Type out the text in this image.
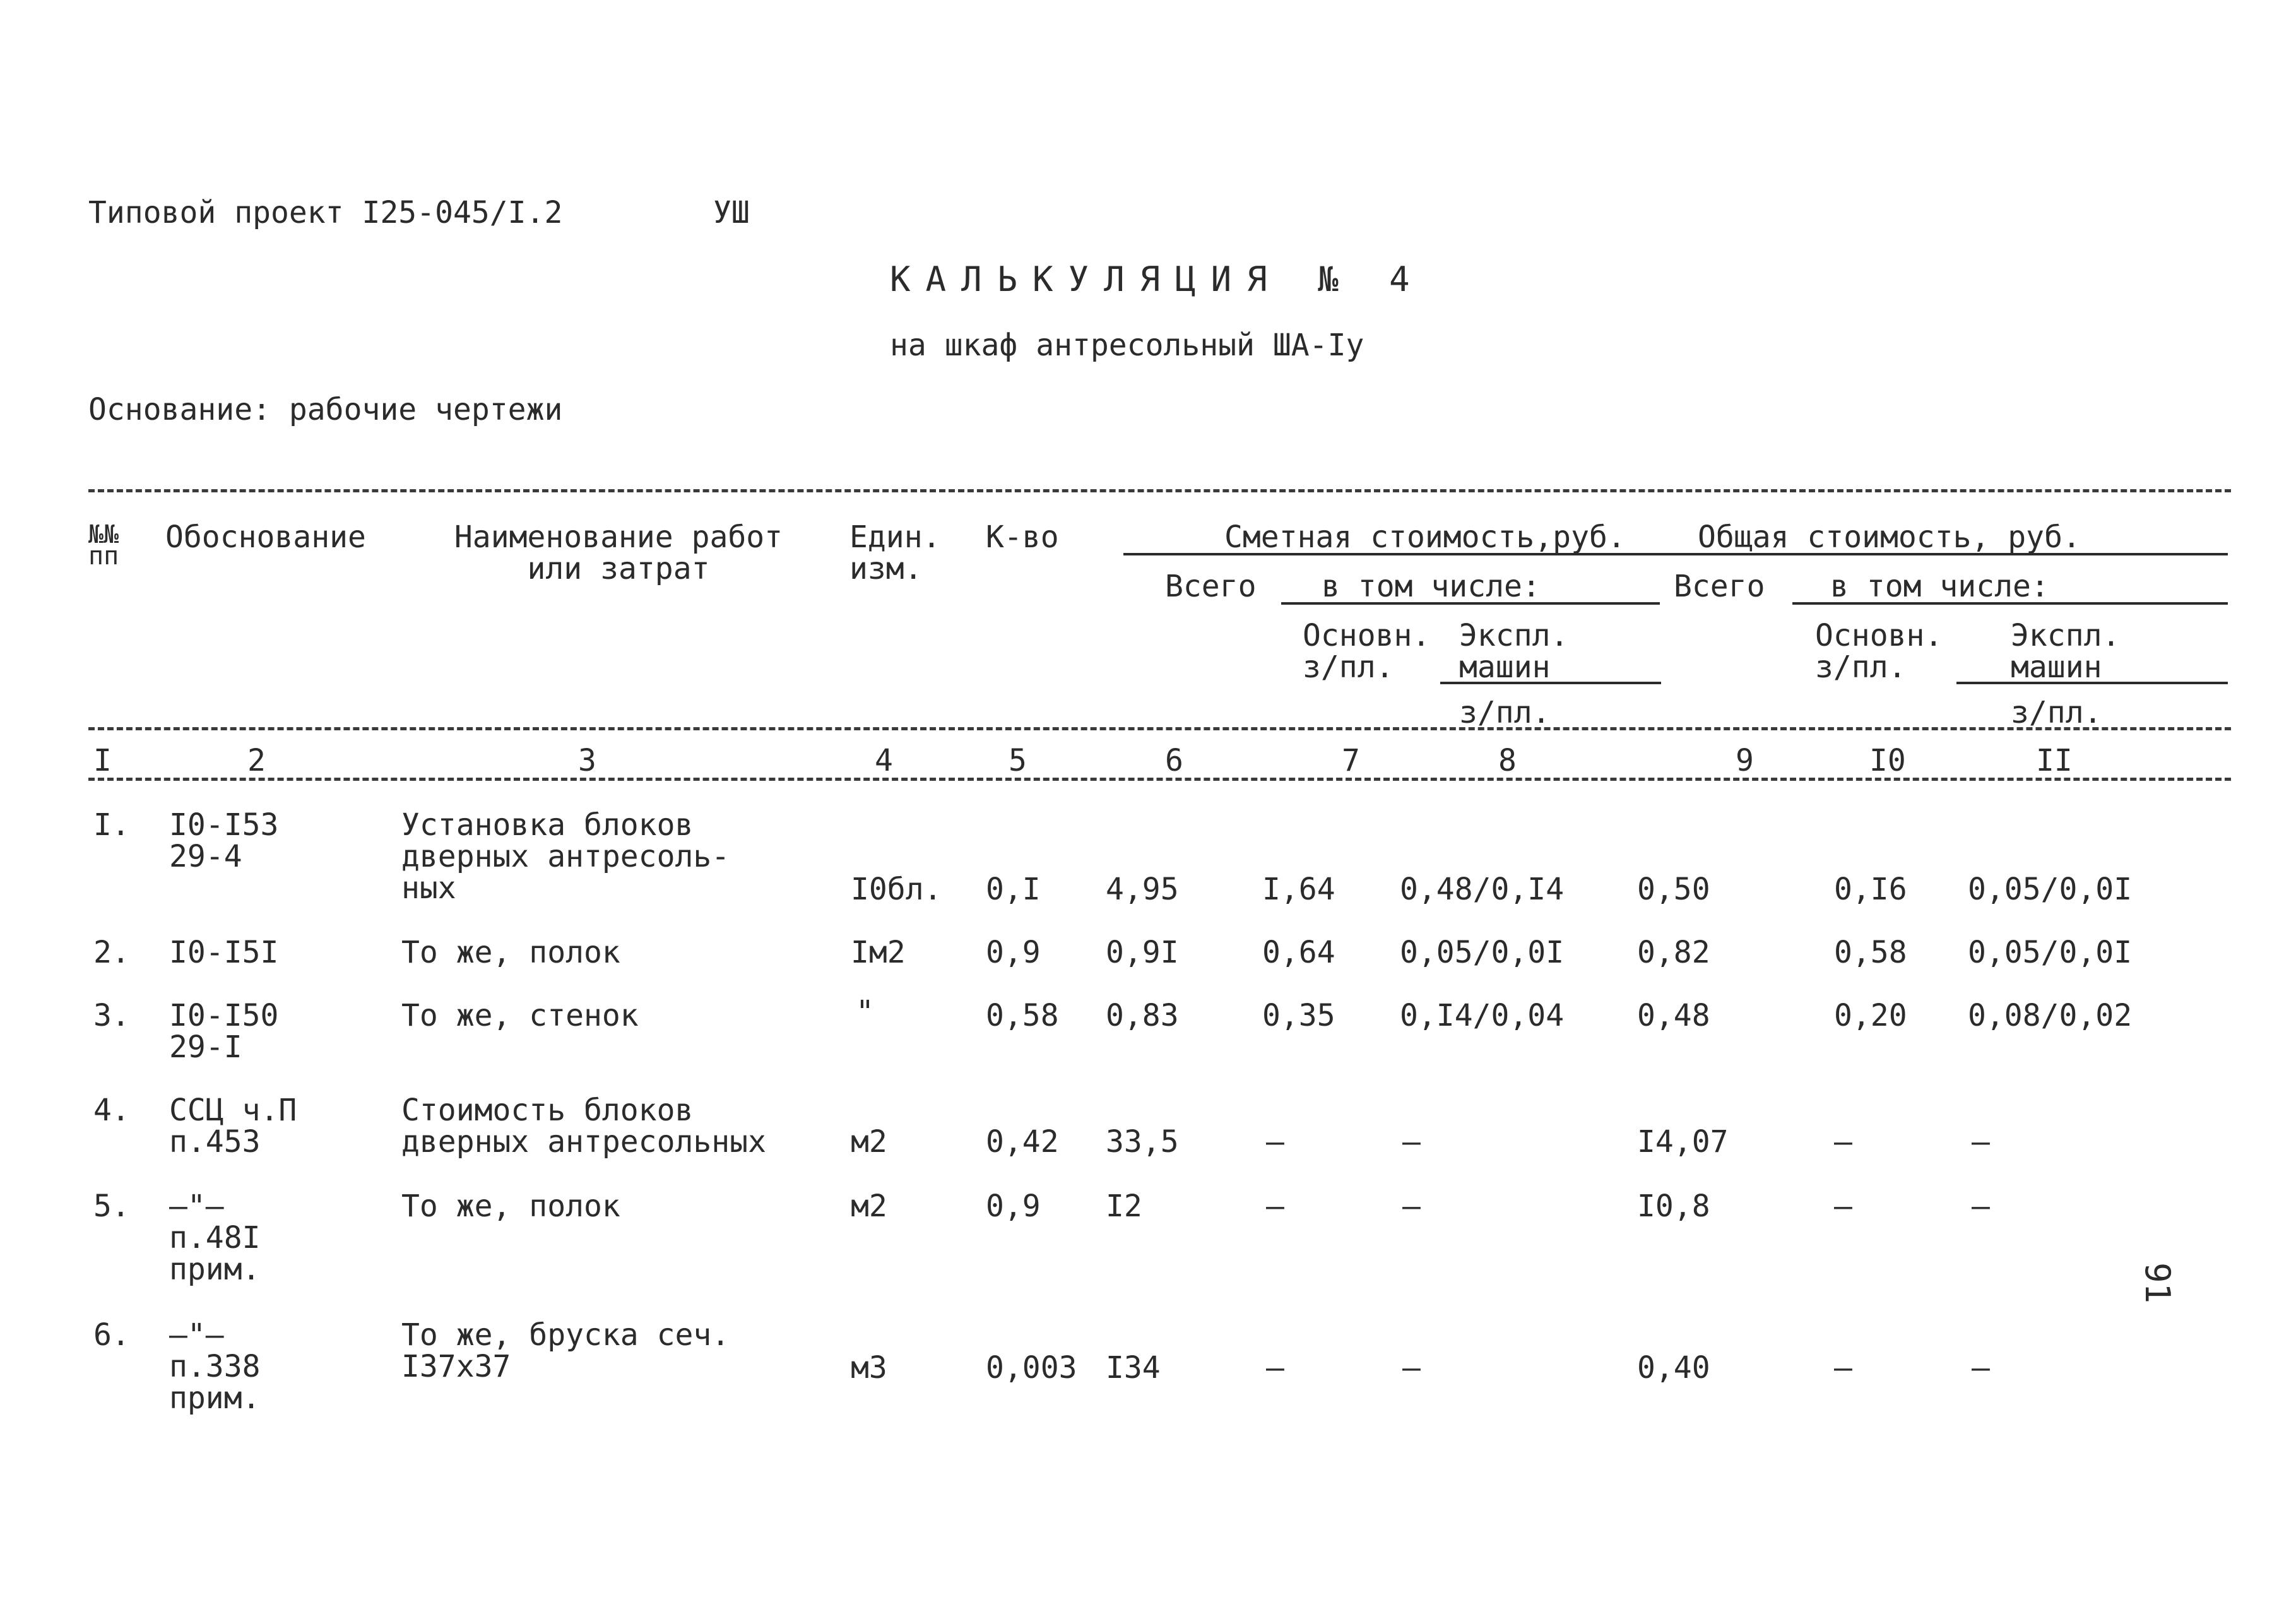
Типовой проект I25-045/I.2	УШ
КАЛЬКУЛЯЦИЯ № 4
на шкаф антресольный ША-Iу
Основание: рабочие чертежи
№№
пп
Обоснование	Наименование работ
или затрат
Един.
изм.
К-во	Сметная стоимость,руб. Общая стоимость, руб.
Всего в том числе:	Всего в том числе:
Основн.
з/пл.
Экспл.
машин
з/пл.
Основн.
з/пл.
Экспл.
машин
з/пл.
I	2	3	4	5	6	7	8	9	I0	II
I. I0-I53
29-4
Установка блоков
дверных антресоль-
ных	I0бл. 0,I 4,95	I,64 0,48/0,I4 0,50	0,I6 0,05/0,0I
2. I0-I5I	То же, полок	Iм2	0,9 0,9I	0,64 0,05/0,0I 0,82	0,58 0,05/0,0I
3. I0-I50
29-I
То же, стенок	"	0,58 0,83	0,35 0,I4/0,04 0,48	0,20 0,08/0,02
4. ССЦ ч.П
п.453
Стоимость блоков
дверных антресольных	м2	0,42 33,5	–	–	I4,07	–	–
5. –"–
п.48I
прим.
То же, полок	м2	0,9 I2	–	–	I0,8	–	–
6. –"–
п.338
прим.
То же, бруска сеч.
I37x37	м3	0,003 I34	–	–	0,40	–	–
91
